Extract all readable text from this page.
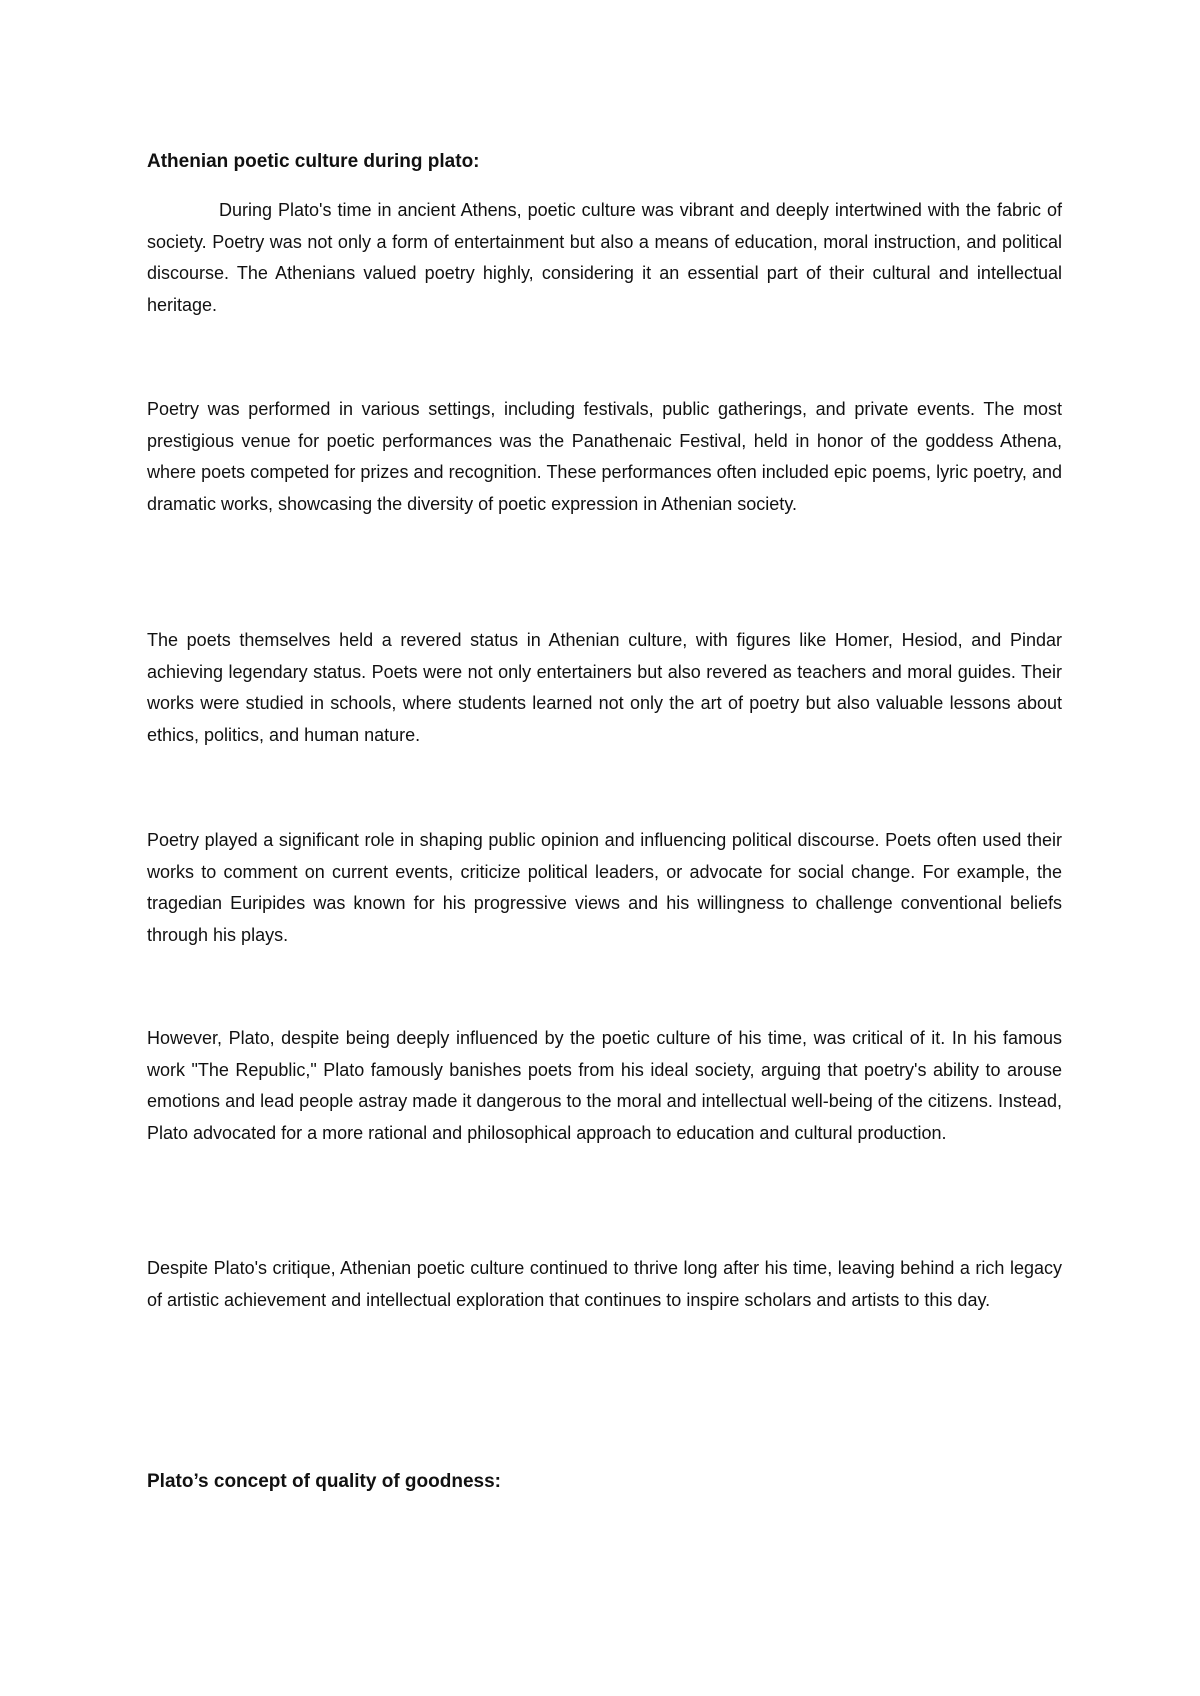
Athenian poetic culture during plato:

During Plato's time in ancient Athens, poetic culture was vibrant and deeply intertwined with the fabric of society. Poetry was not only a form of entertainment but also a means of education, moral instruction, and political discourse. The Athenians valued poetry highly, considering it an essential part of their cultural and intellectual heritage.

Poetry was performed in various settings, including festivals, public gatherings, and private events. The most prestigious venue for poetic performances was the Panathenaic Festival, held in honor of the goddess Athena, where poets competed for prizes and recognition. These performances often included epic poems, lyric poetry, and dramatic works, showcasing the diversity of poetic expression in Athenian society.

The poets themselves held a revered status in Athenian culture, with figures like Homer, Hesiod, and Pindar achieving legendary status. Poets were not only entertainers but also revered as teachers and moral guides. Their works were studied in schools, where students learned not only the art of poetry but also valuable lessons about ethics, politics, and human nature.

Poetry played a significant role in shaping public opinion and influencing political discourse. Poets often used their works to comment on current events, criticize political leaders, or advocate for social change. For example, the tragedian Euripides was known for his progressive views and his willingness to challenge conventional beliefs through his plays.

However, Plato, despite being deeply influenced by the poetic culture of his time, was critical of it. In his famous work "The Republic," Plato famously banishes poets from his ideal society, arguing that poetry's ability to arouse emotions and lead people astray made it dangerous to the moral and intellectual well-being of the citizens. Instead, Plato advocated for a more rational and philosophical approach to education and cultural production.

Despite Plato's critique, Athenian poetic culture continued to thrive long after his time, leaving behind a rich legacy of artistic achievement and intellectual exploration that continues to inspire scholars and artists to this day.

Plato’s concept of quality of goodness:
